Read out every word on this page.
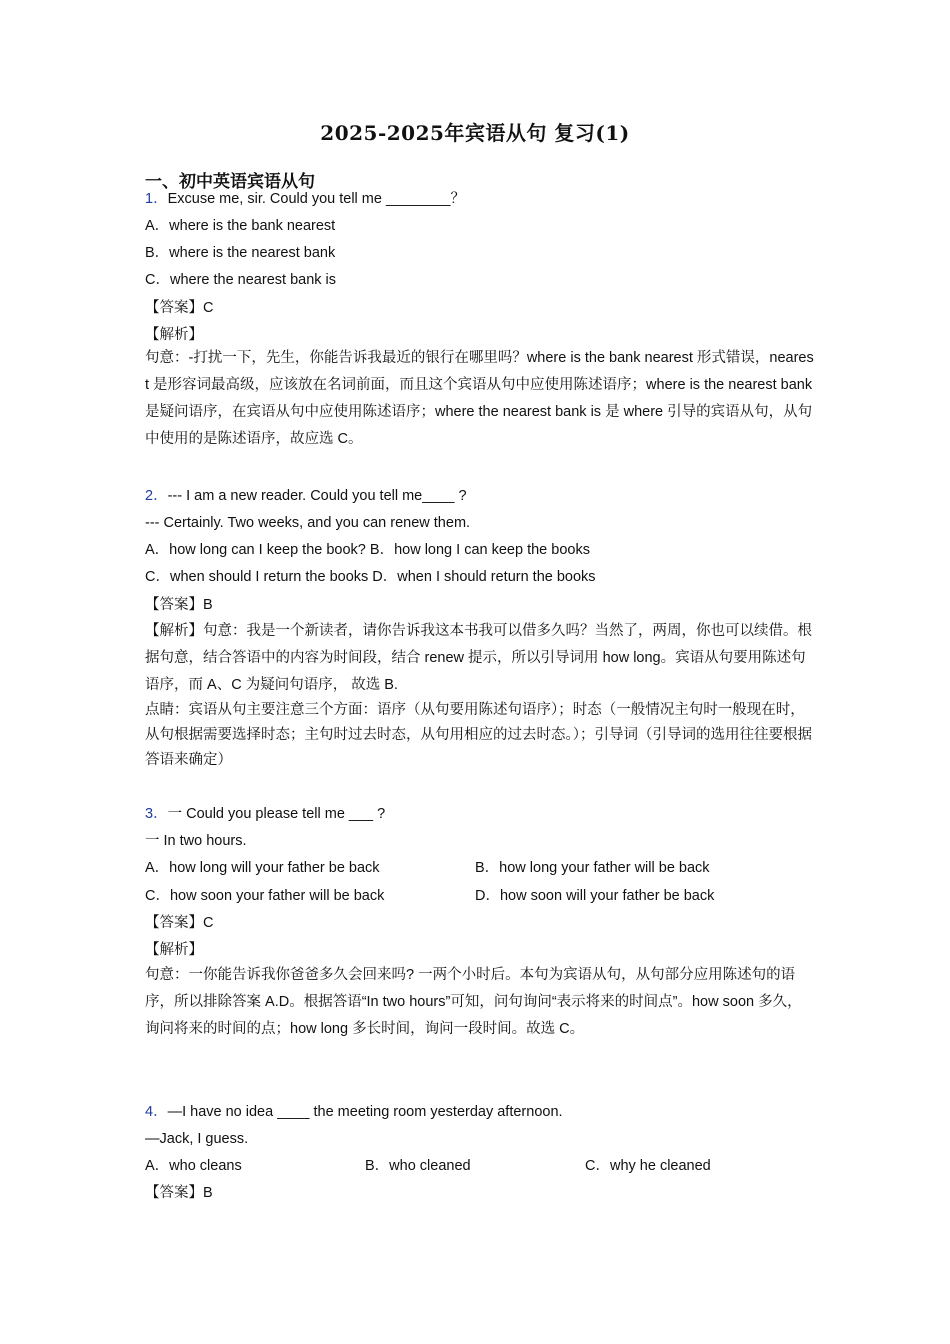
2025-2025年宾语从句 复习(1)
一、初中英语宾语从句
1．Excuse me, sir. Could you tell me ________？
A．where is the bank nearest
B．where is the nearest bank
C．where the nearest bank is
【答案】C
【解析】
句意：-打扰一下，先生，你能告诉我最近的银行在哪里吗？where is the bank nearest 形式错误，nearest 是形容词最高级，应该放在名词前面，而且这个宾语从句中应使用陈述语序；where is the nearest bank 是疑问语序，在宾语从句中应使用陈述语序；where the nearest bank is 是 where 引导的宾语从句，从句中使用的是陈述语序，故应选 C。
2．--- I am a new reader. Could you tell me____ ?
--- Certainly. Two weeks, and you can renew them.
A．how long can I keep the book? B．how long I can keep the books
C．when should I return the books D．when I should return the books
【答案】B
【解析】句意：我是一个新读者，请你告诉我这本书我可以借多久吗？当然了，两周，你也可以续借。根据句意，结合答语中的内容为时间段，结合 renew 提示，所以引导词用 how long。宾语从句要用陈述句语序，而 A、C 为疑问句语序， 故选 B.
点睛：宾语从句主要注意三个方面：语序（从句要用陈述句语序）；时态（一般情况主句时一般现在时，从句根据需要选择时态；主句时过去时态，从句用相应的过去时态。）；引导词（引导词的选用往往要根据答语来确定）
3．一 Could you please tell me ___ ?
一 In two hours.
A．how long will your father be back	B．how long your father will be back
C．how soon your father will be back	D．how soon will your father be back
【答案】C
【解析】
句意：一你能告诉我你爸爸多久会回来吗? 一两个小时后。本句为宾语从句，从句部分应用陈述句的语序，所以排除答案 A.D。根据答语“In two hours”可知，问句询问“表示将来的时间点”。how soon 多久，询问将来的时间的点；how long 多长时间，询问一段时间。故选 C。
4．—I have no idea ____ the meeting room yesterday afternoon.
—Jack, I guess.
A．who cleans	B．who cleaned	C．why he cleaned
【答案】B
